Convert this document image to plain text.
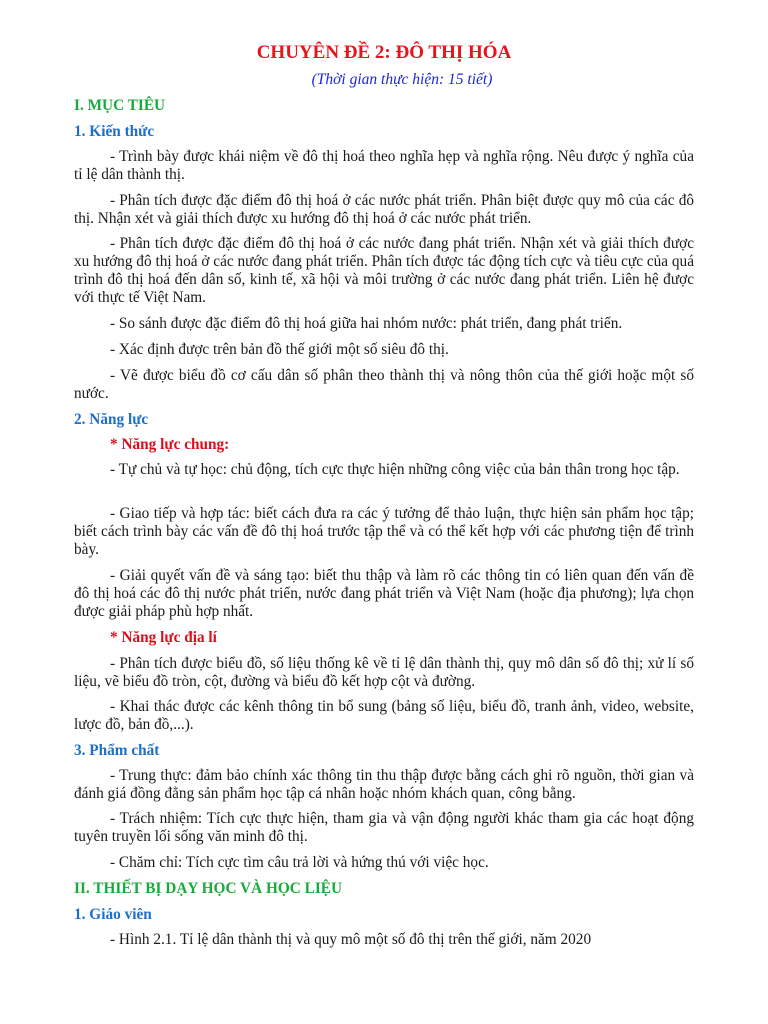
CHUYÊN ĐỀ 2: ĐÔ THỊ HÓA
(Thời gian thực hiện: 15 tiết)
I. MỤC TIÊU
1. Kiến thức
- Trình bày được khái niệm về đô thị hoá theo nghĩa hẹp và nghĩa rộng. Nêu được ý nghĩa của tỉ lệ dân thành thị.
- Phân tích được đặc điểm đô thị hoá ở các nước phát triển. Phân biệt được quy mô của các đô thị. Nhận xét và giải thích được xu hướng đô thị hoá ở các nước phát triển.
- Phân tích được đặc điểm đô thị hoá ở các nước đang phát triển. Nhận xét và giải thích được xu hướng đô thị hoá ở các nước đang phát triển. Phân tích được tác động tích cực và tiêu cực của quá trình đô thị hoá đến dân số, kinh tế, xã hội và môi trường ở các nước đang phát triển. Liên hệ được với thực tế Việt Nam.
- So sánh được đặc điểm đô thị hoá giữa hai nhóm nước: phát triển, đang phát triển.
- Xác định được trên bản đồ thế giới một số siêu đô thị.
- Vẽ được biểu đồ cơ cấu dân số phân theo thành thị và nông thôn của thế giới hoặc một số nước.
2. Năng lực
* Năng lực chung:
- Tự chủ và tự học: chủ động, tích cực thực hiện những công việc của bản thân trong học tập.
- Giao tiếp và hợp tác: biết cách đưa ra các ý tưởng để thảo luận, thực hiện sản phẩm học tập; biết cách trình bày các vấn đề đô thị hoá trước tập thể và có thể kết hợp với các phương tiện để trình bày.
- Giải quyết vấn đề và sáng tạo: biết thu thập và làm rõ các thông tin có liên quan đến vấn đề đô thị hoá các đô thị nước phát triển, nước đang phát triển và Việt Nam (hoặc địa phương); lựa chọn được giải pháp phù hợp nhất.
* Năng lực địa lí
- Phân tích được biểu đồ, số liệu thống kê về tỉ lệ dân thành thị, quy mô dân số đô thị; xử lí số liệu, vẽ biểu đồ tròn, cột, đường và biểu đồ kết hợp cột và đường.
- Khai thác được các kênh thông tin bổ sung (bảng số liệu, biểu đồ, tranh ảnh, video, website, lược đồ, bản đồ,...).
3. Phẩm chất
- Trung thực: đảm bảo chính xác thông tin thu thập được bằng cách ghi rõ nguồn, thời gian và đánh giá đồng đẳng sản phẩm học tập cá nhân hoặc nhóm khách quan, công bằng.
- Trách nhiệm: Tích cực thực hiện, tham gia và vận động người khác tham gia các hoạt động tuyên truyền lối sống văn minh đô thị.
- Chăm chỉ: Tích cực tìm câu trả lời và hứng thú với việc học.
II. THIẾT BỊ DẠY HỌC VÀ HỌC LIỆU
1. Giáo viên
- Hình 2.1. Tỉ lệ dân thành thị và quy mô một số đô thị trên thế giới, năm 2020
